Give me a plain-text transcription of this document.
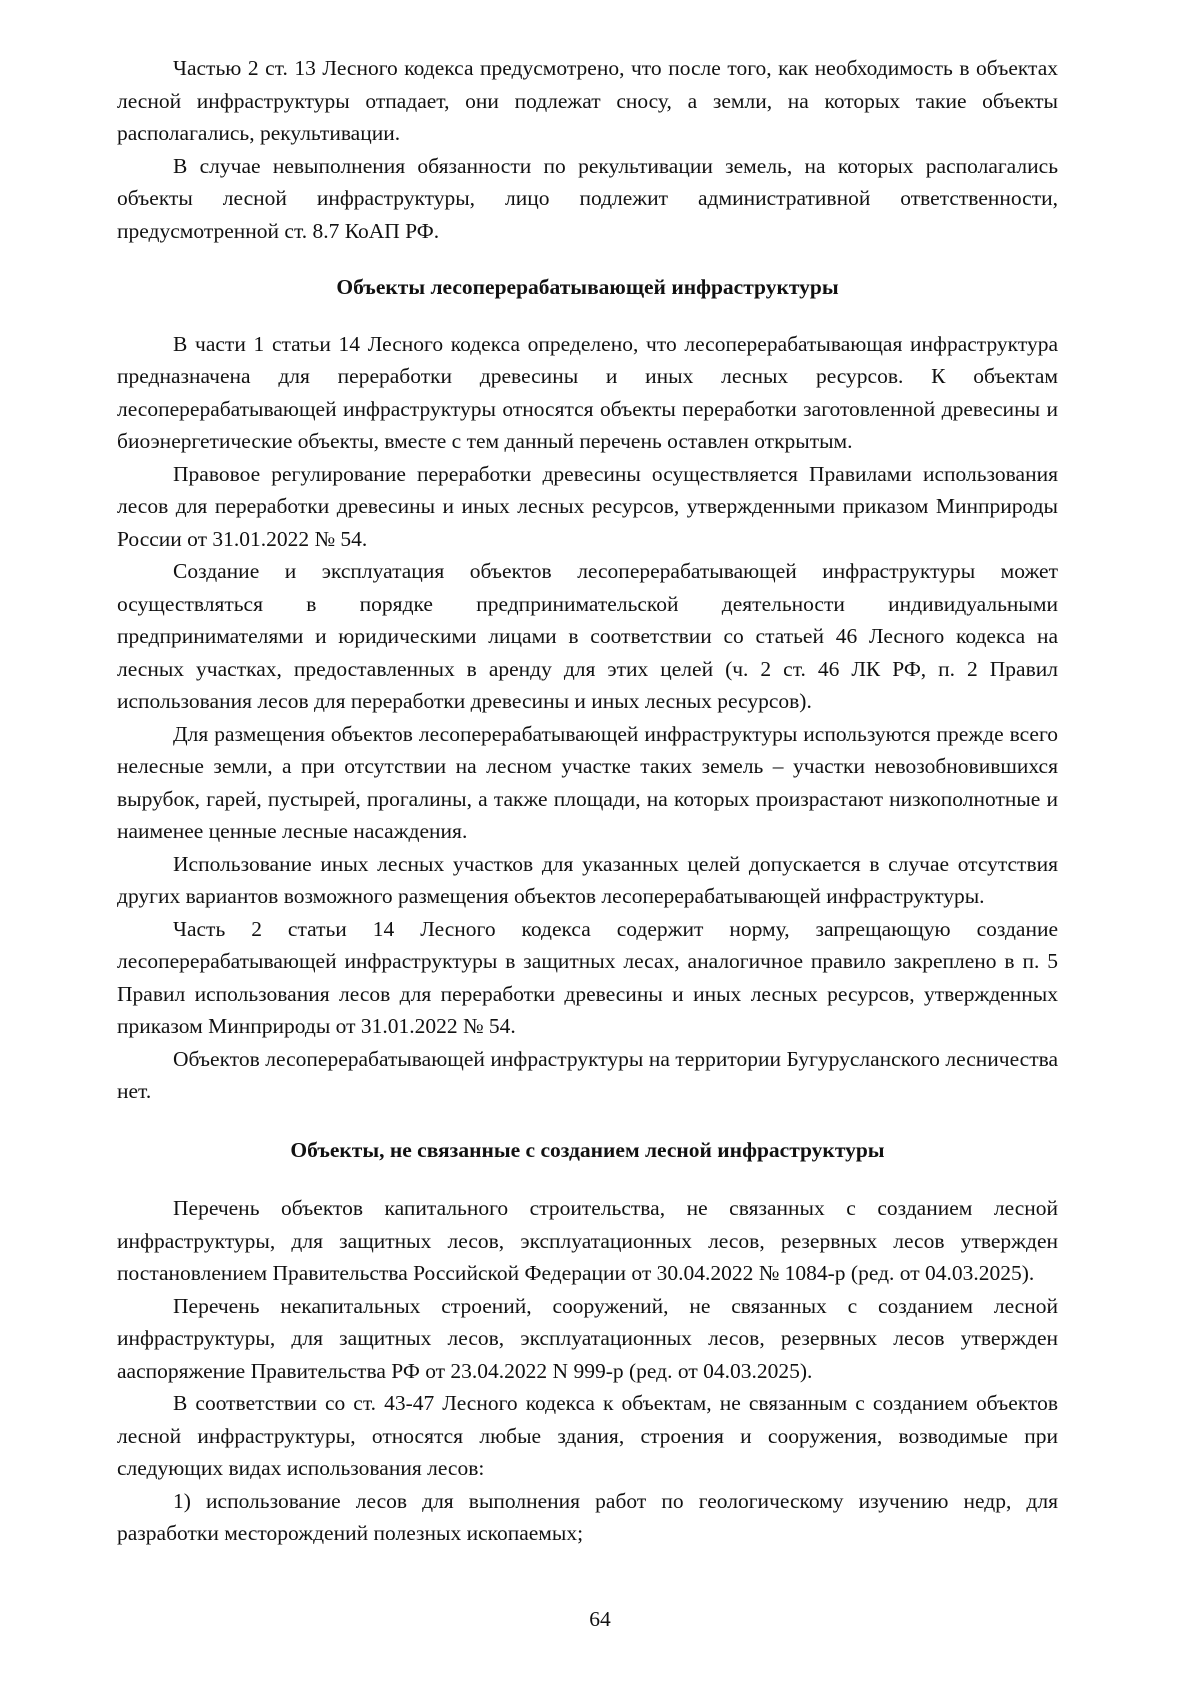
Частью 2 ст. 13 Лесного кодекса предусмотрено, что после того, как необходимость в объектах лесной инфраструктуры отпадает, они подлежат сносу, а земли, на которых такие объекты располагались, рекультивации.

В случае невыполнения обязанности по рекультивации земель, на которых располагались объекты лесной инфраструктуры, лицо подлежит административной ответственности, предусмотренной ст. 8.7 КоАП РФ.

Объекты лесоперерабатывающей инфраструктуры

В части 1 статьи 14 Лесного кодекса определено, что лесоперерабатывающая инфраструктура предназначена для переработки древесины и иных лесных ресурсов. К объектам лесоперерабатывающей инфраструктуры относятся объекты переработки заготовленной древесины и биоэнергетические объекты, вместе с тем данный перечень оставлен открытым.

Правовое регулирование переработки древесины осуществляется Правилами использования лесов для переработки древесины и иных лесных ресурсов, утвержденными приказом Минприроды России от 31.01.2022 № 54.

Создание и эксплуатация объектов лесоперерабатывающей инфраструктуры может осуществляться в порядке предпринимательской деятельности индивидуальными предпринимателями и юридическими лицами в соответствии со статьей 46 Лесного кодекса на лесных участках, предоставленных в аренду для этих целей (ч. 2 ст. 46 ЛК РФ, п. 2 Правил использования лесов для переработки древесины и иных лесных ресурсов).

Для размещения объектов лесоперерабатывающей инфраструктуры используются прежде всего нелесные земли, а при отсутствии на лесном участке таких земель – участки невозобновившихся вырубок, гарей, пустырей, прогалины, а также площади, на которых произрастают низкополнотные и наименее ценные лесные насаждения.

Использование иных лесных участков для указанных целей допускается в случае отсутствия других вариантов возможного размещения объектов лесоперерабатывающей инфраструктуры.

Часть 2 статьи 14 Лесного кодекса содержит норму, запрещающую создание лесоперерабатывающей инфраструктуры в защитных лесах, аналогичное правило закреплено в п. 5 Правил использования лесов для переработки древесины и иных лесных ресурсов, утвержденных приказом Минприроды от 31.01.2022 № 54.

Объектов лесоперерабатывающей инфраструктуры на территории Бугурусланского лесничества нет.

Объекты, не связанные с созданием лесной инфраструктуры

Перечень объектов капитального строительства, не связанных с созданием лесной инфраструктуры, для защитных лесов, эксплуатационных лесов, резервных лесов утвержден постановлением Правительства Российской Федерации от 30.04.2022 № 1084-р (ред. от 04.03.2025).

Перечень некапитальных строений, сооружений, не связанных с созданием лесной инфраструктуры, для защитных лесов, эксплуатационных лесов, резервных лесов утвержден ааспоряжение Правительства РФ от 23.04.2022 N 999-р (ред. от 04.03.2025).

В соответствии со ст. 43-47 Лесного кодекса к объектам, не связанным с созданием объектов лесной инфраструктуры, относятся любые здания, строения и сооружения, возводимые при следующих видах использования лесов:

1) использование лесов для выполнения работ по геологическому изучению недр, для разработки месторождений полезных ископаемых;

64
